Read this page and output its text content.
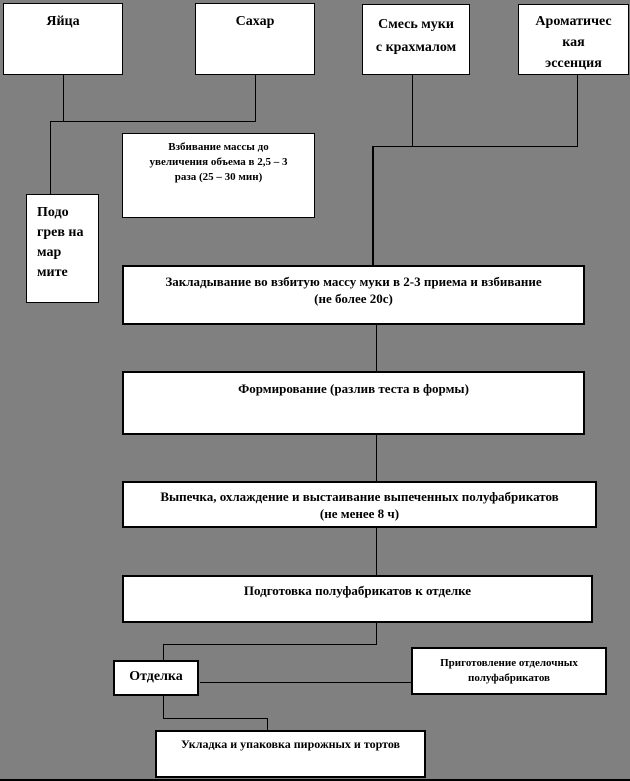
Яйца	Сахар	Смесь муки
с крахмалом
Ароматичес
кая
эссенция
Взбивание массы до
увеличения объема в 2,5 – 3
раза (25 – 30 мин)
Подо
грев на
мар
мите
Закладывание во взбитую массу муки в 2-3 приема и взбивание
(не более 20с)
Формирование (разлив теста в формы)
Выпечка, охлаждение и выстаивание выпеченных полуфабрикатов
(не менее 8 ч)
Подготовка полуфабрикатов к отделке
Отделка
Приготовление отделочных
полуфабрикатов
Укладка и упаковка пирожных и тортов
